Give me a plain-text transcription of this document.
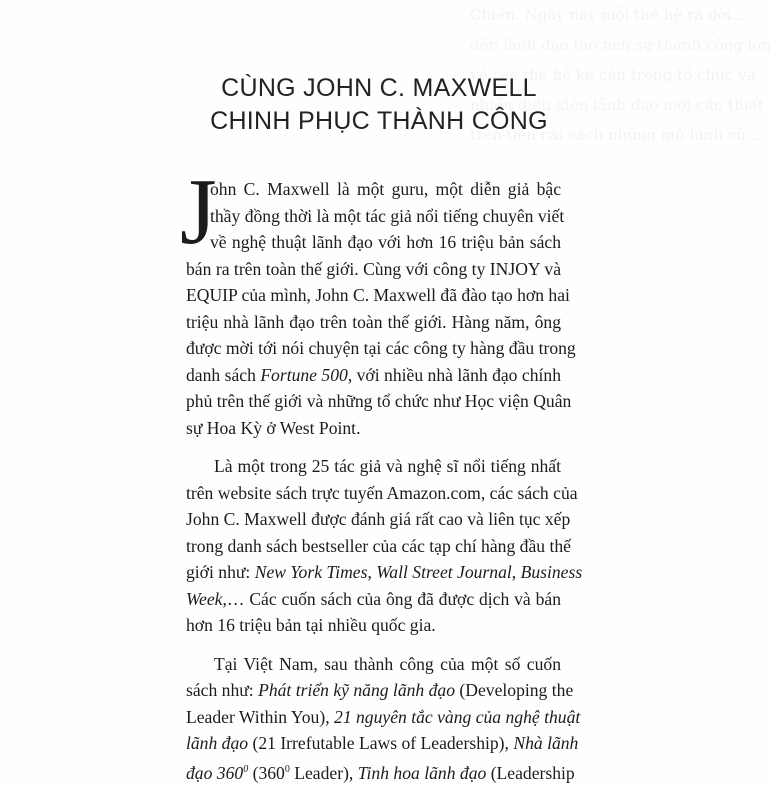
CÙNG JOHN C. MAXWELL
CHINH PHỤC THÀNH CÔNG
J
ohn C. Maxwell là một guru, một diễn giả bậc
thầy đồng thời là một tác giả nổi tiếng chuyên viết
về nghệ thuật lãnh đạo với hơn 16 triệu bản sách
bán ra trên toàn thế giới. Cùng với công ty INJOY và
EQUIP của mình, John C. Maxwell đã đào tạo hơn hai
triệu nhà lãnh đạo trên toàn thế giới. Hàng năm, ông
được mời tới nói chuyện tại các công ty hàng đầu trong
danh sách Fortune 500, với nhiều nhà lãnh đạo chính
phủ trên thế giới và những tổ chức như Học viện Quân
sự Hoa Kỳ ở West Point.
Là một trong 25 tác giả và nghệ sĩ nổi tiếng nhất
trên website sách trực tuyến Amazon.com, các sách của
John C. Maxwell được đánh giá rất cao và liên tục xếp
trong danh sách bestseller của các tạp chí hàng đầu thế
giới như: New York Times, Wall Street Journal, Business
Week,… Các cuốn sách của ông đã được dịch và bán
hơn 16 triệu bản tại nhiều quốc gia.
Tại Việt Nam, sau thành công của một số cuốn
sách như: Phát triển kỹ năng lãnh đạo (Developing the
Leader Within You), 21 nguyên tắc vàng của nghệ thuật
lãnh đạo (21 Irrefutable Laws of Leadership), Nhà lãnh
đạo $360^0$ ($360^0$ Leader), Tinh hoa lãnh đạo (Leadership
